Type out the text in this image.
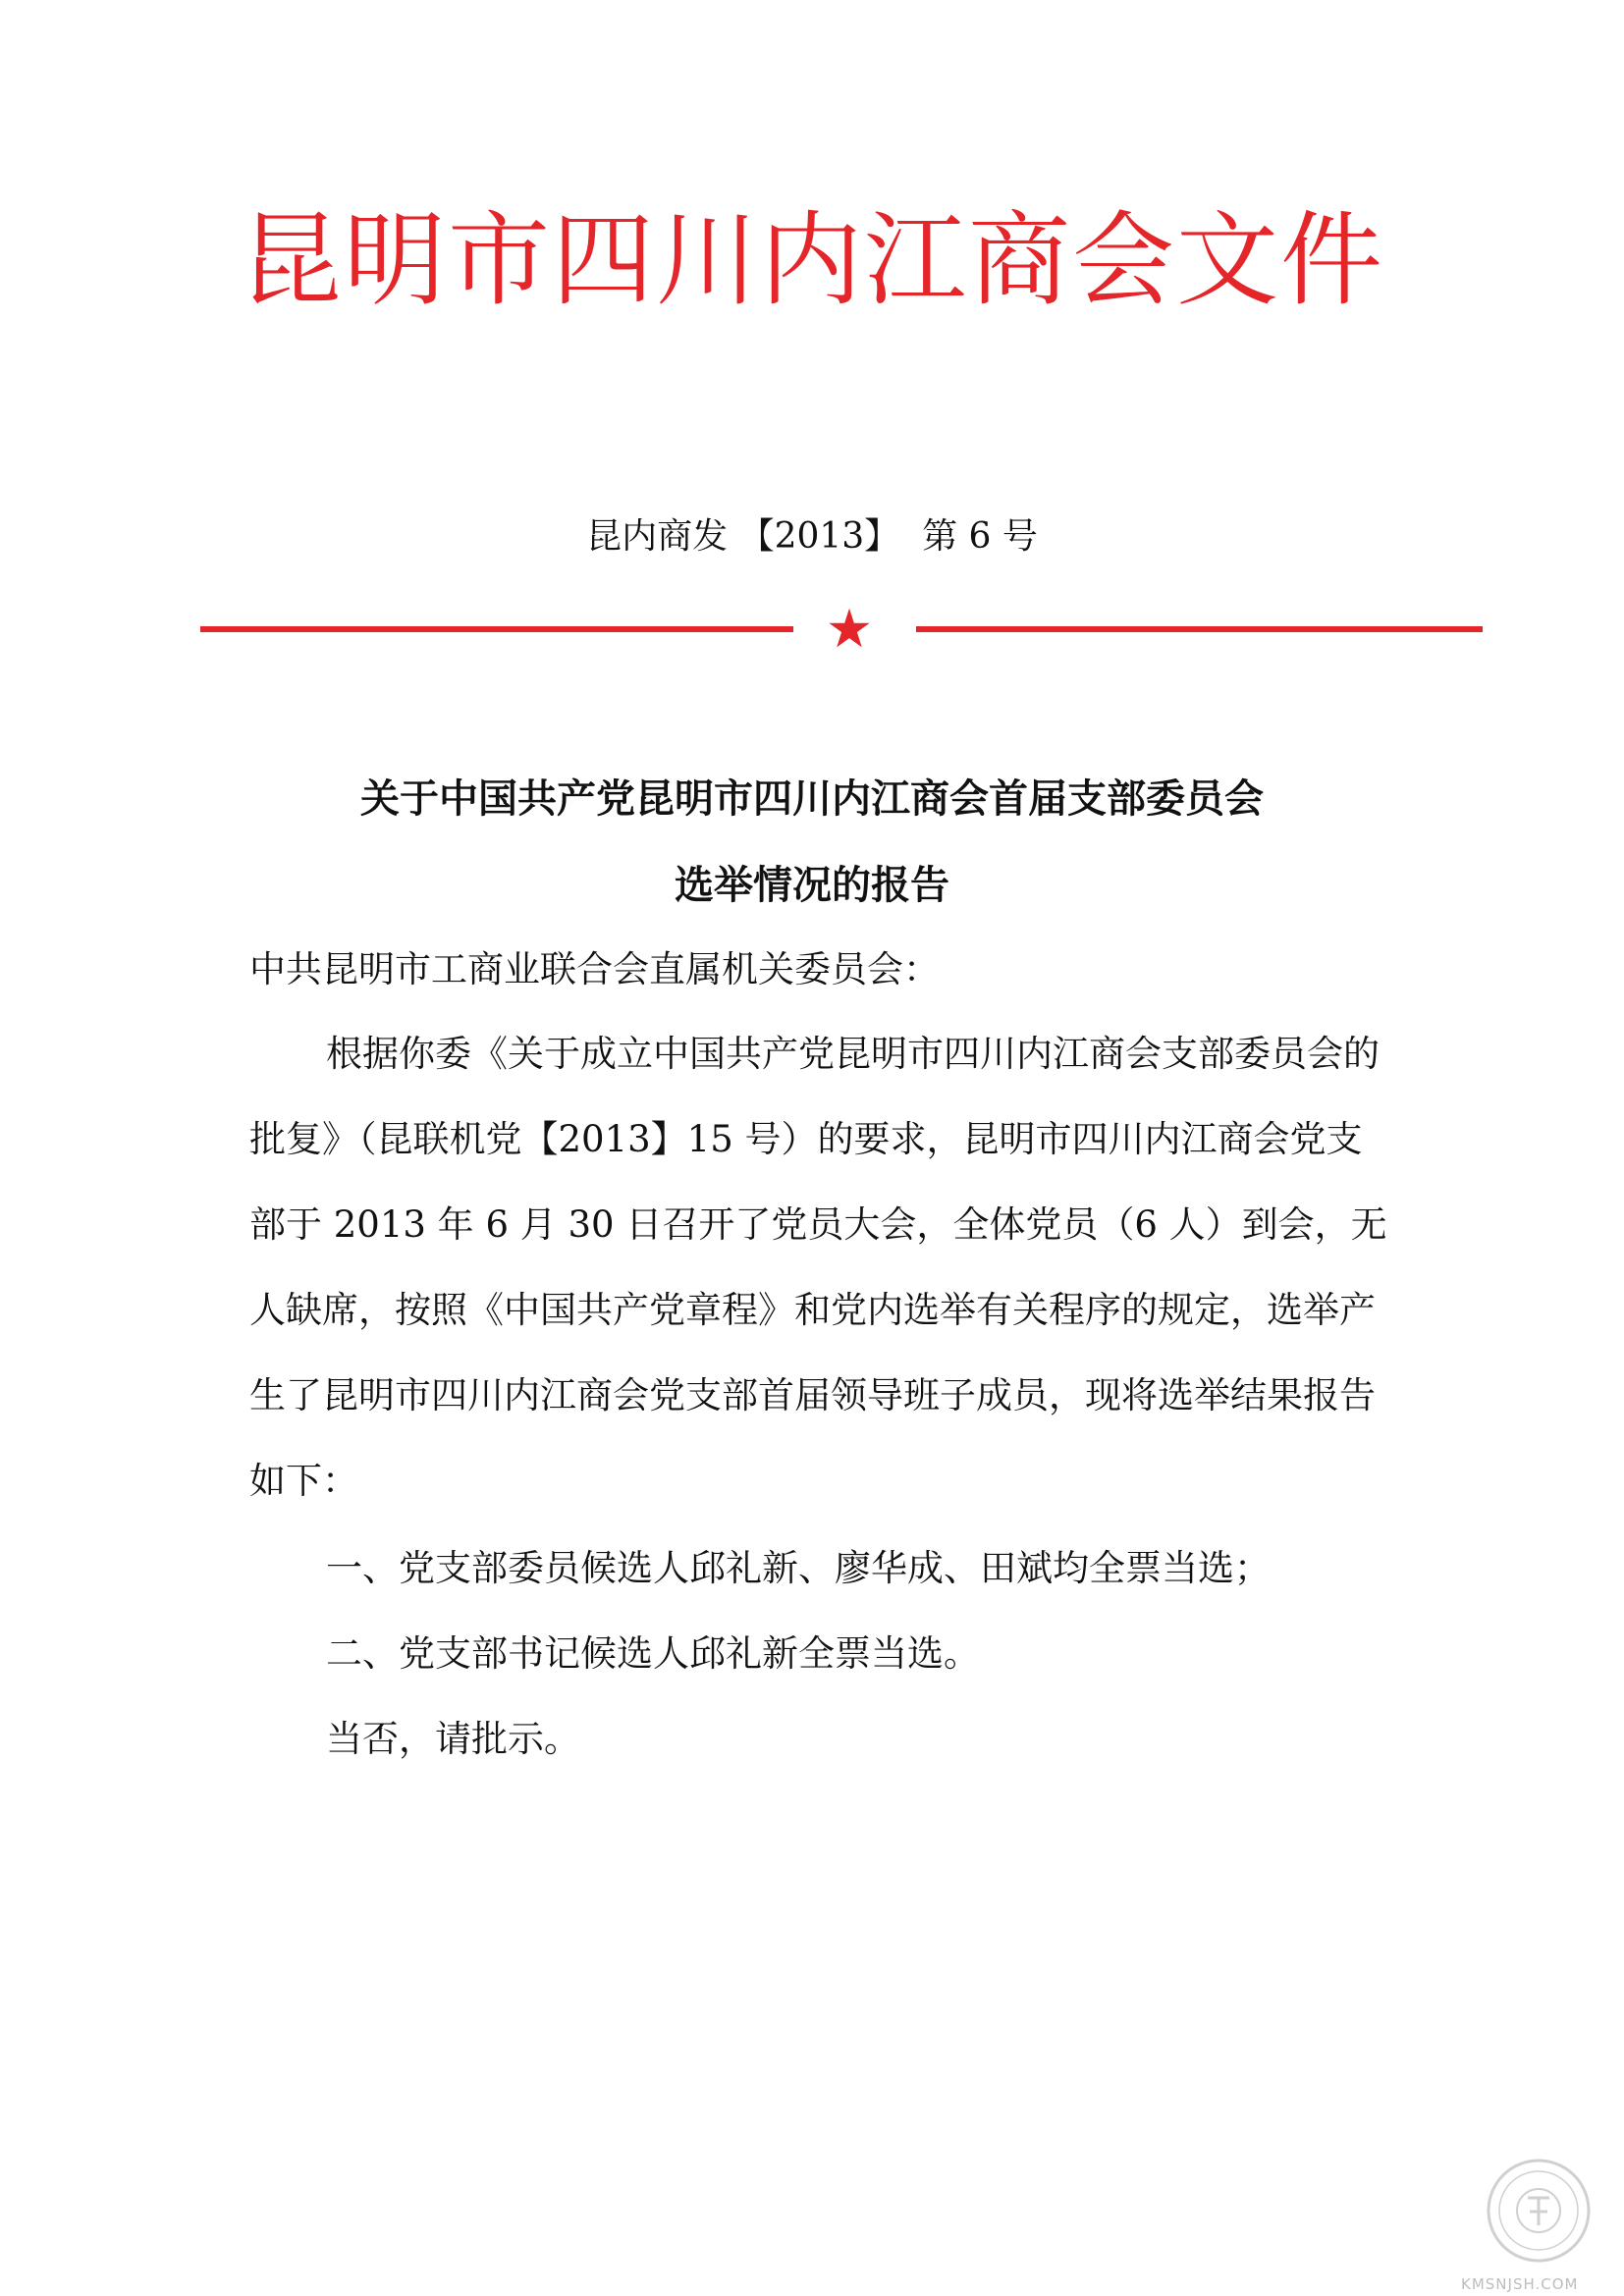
昆明市四川内江商会文件
昆内商发 【2013】  第 6 号
关于中国共产党昆明市四川内江商会首届支部委员会
选举情况的报告
中共昆明市工商业联合会直属机关委员会：
根据你委《关于成立中国共产党昆明市四川内江商会支部委员会的批复》（昆联机党【2013】15 号）的要求，昆明市四川内江商会党支部于 2013 年 6 月 30 日召开了党员大会，全体党员（6 人）到会，无人缺席，按照《中国共产党章程》和党内选举有关程序的规定，选举产生了昆明市四川内江商会党支部首届领导班子成员，现将选举结果报告如下：
一、党支部委员候选人邱礼新、廖华成、田斌均全票当选；
二、党支部书记候选人邱礼新全票当选。
当否，请批示。
KMSNJSH.COM
